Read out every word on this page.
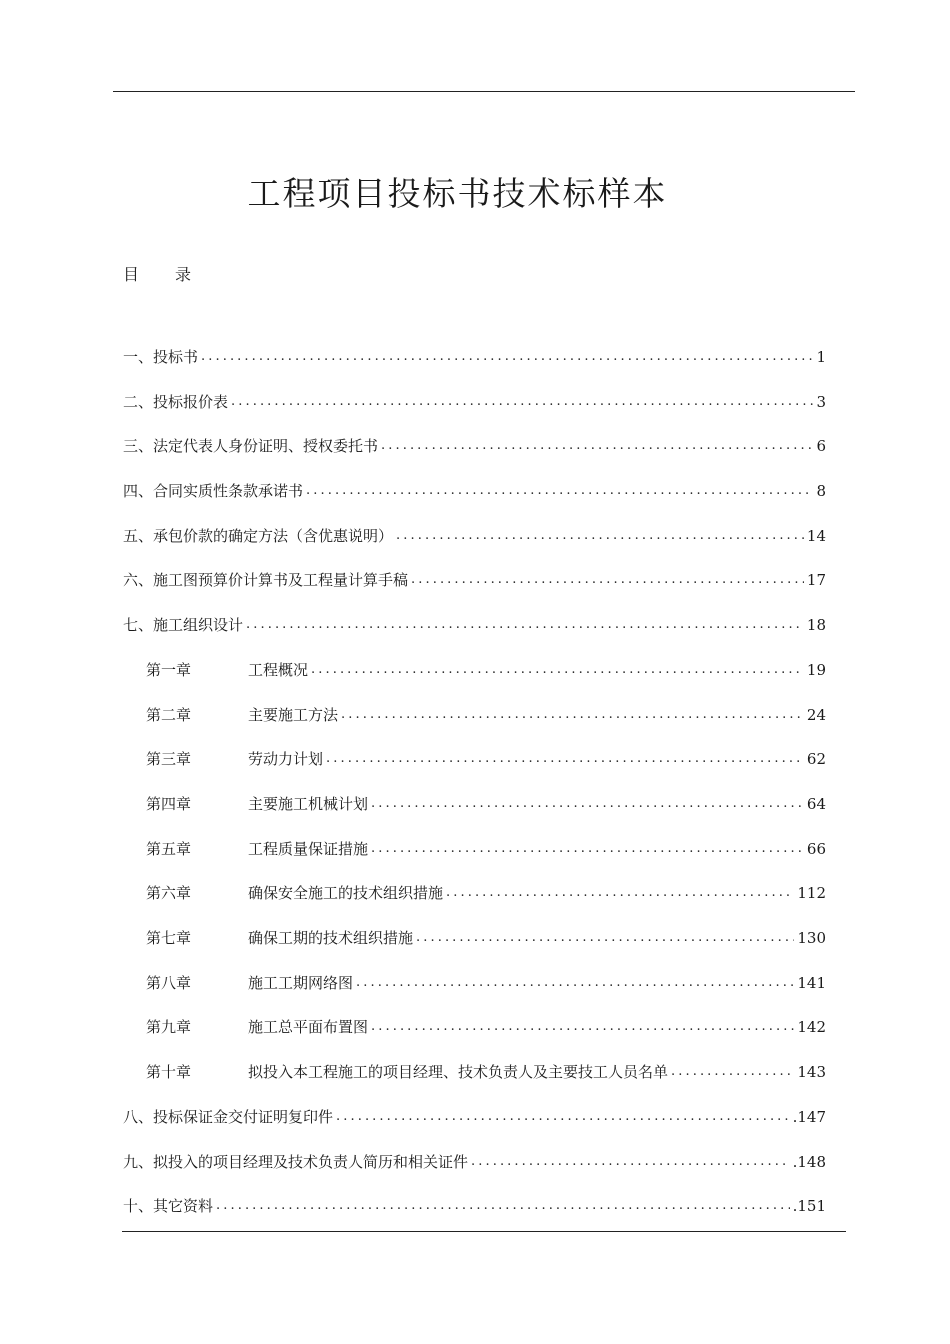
工程项目投标书技术标样本
目 录
一、投标书 .....	1
二、投标报价表 .....	3
三、法定代表人身份证明、授权委托书 .....	6
四、合同实质性条款承诺书 .....	8
五、承包价款的确定方法（含优惠说明） .....	14
六、施工图预算价计算书及工程量计算手稿 .....	17
七、施工组织设计 .....	18
第一章	工程概况 .....	19
第二章	主要施工方法 .....	24
第三章	劳动力计划 .....	62
第四章	主要施工机械计划 .....	64
第五章	工程质量保证措施 .....	66
第六章	确保安全施工的技术组织措施 .....	112
第七章	确保工期的技术组织措施 .....	130
第八章	施工工期网络图 .....	141
第九章	施工总平面布置图 .....	142
第十章	拟投入本工程施工的项目经理、技术负责人及主要技工人员名单 .....	143
八、投标保证金交付证明复印件 .....	.147
九、拟投入的项目经理及技术负责人简历和相关证件 .....	.148
十、其它资料 .....	.151
